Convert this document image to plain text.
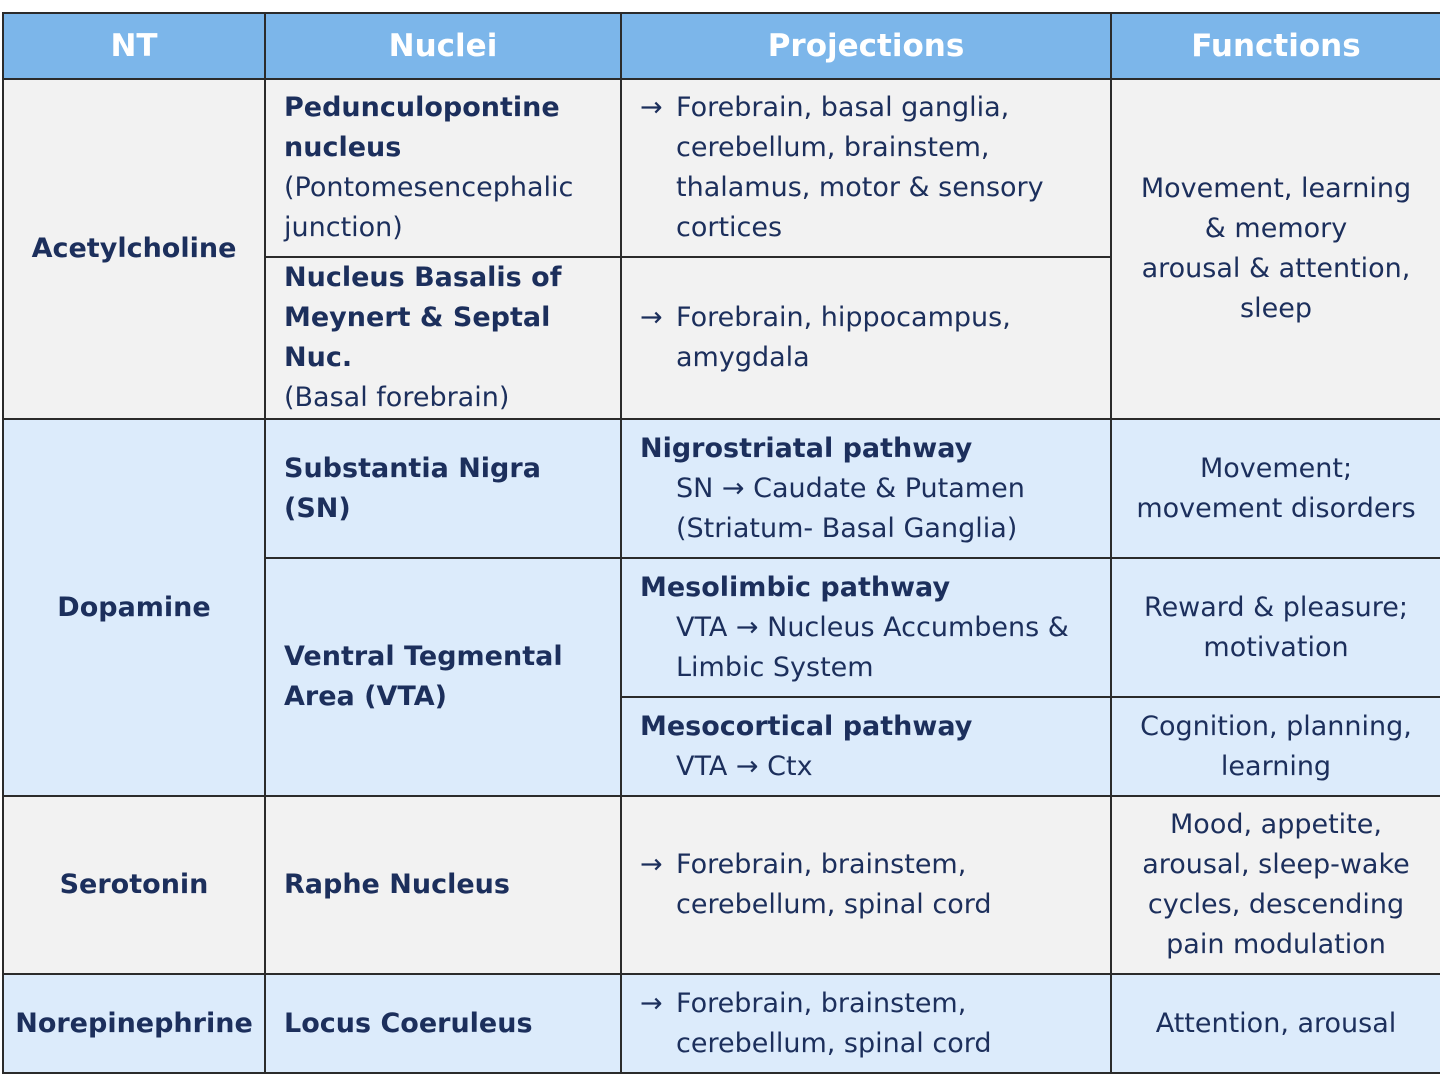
NT	Nuclei	Projections	Functions
Acetylcholine	Pedunculopontine
nucleus
(Pontomesencephalic
junction)	→ Forebrain, basal ganglia,
cerebellum, brainstem,
thalamus, motor & sensory
cortices	Movement, learning
& memory
arousal & attention,
sleep

	Nucleus Basalis of
Meynert & Septal Nuc.
(Basal forebrain)	→ Forebrain, hippocampus,
amygdala	

Dopamine	Substantia Nigra (SN)	Nigrostriatal pathway
SN → Caudate & Putamen
(Striatum- Basal Ganglia)	Movement;
movement disorders

	Ventral Tegmental
Area (VTA)	Mesolimbic pathway
VTA → Nucleus Accumbens &
Limbic System	Reward & pleasure;
motivation

		Mesocortical pathway
VTA → Ctx	Cognition, planning,
learning

Serotonin	Raphe Nucleus	→ Forebrain, brainstem,
cerebellum, spinal cord	Mood, appetite,
arousal, sleep-wake
cycles, descending
pain modulation

Norepinephrine	Locus Coeruleus	→ Forebrain, brainstem,
cerebellum, spinal cord	Attention, arousal
